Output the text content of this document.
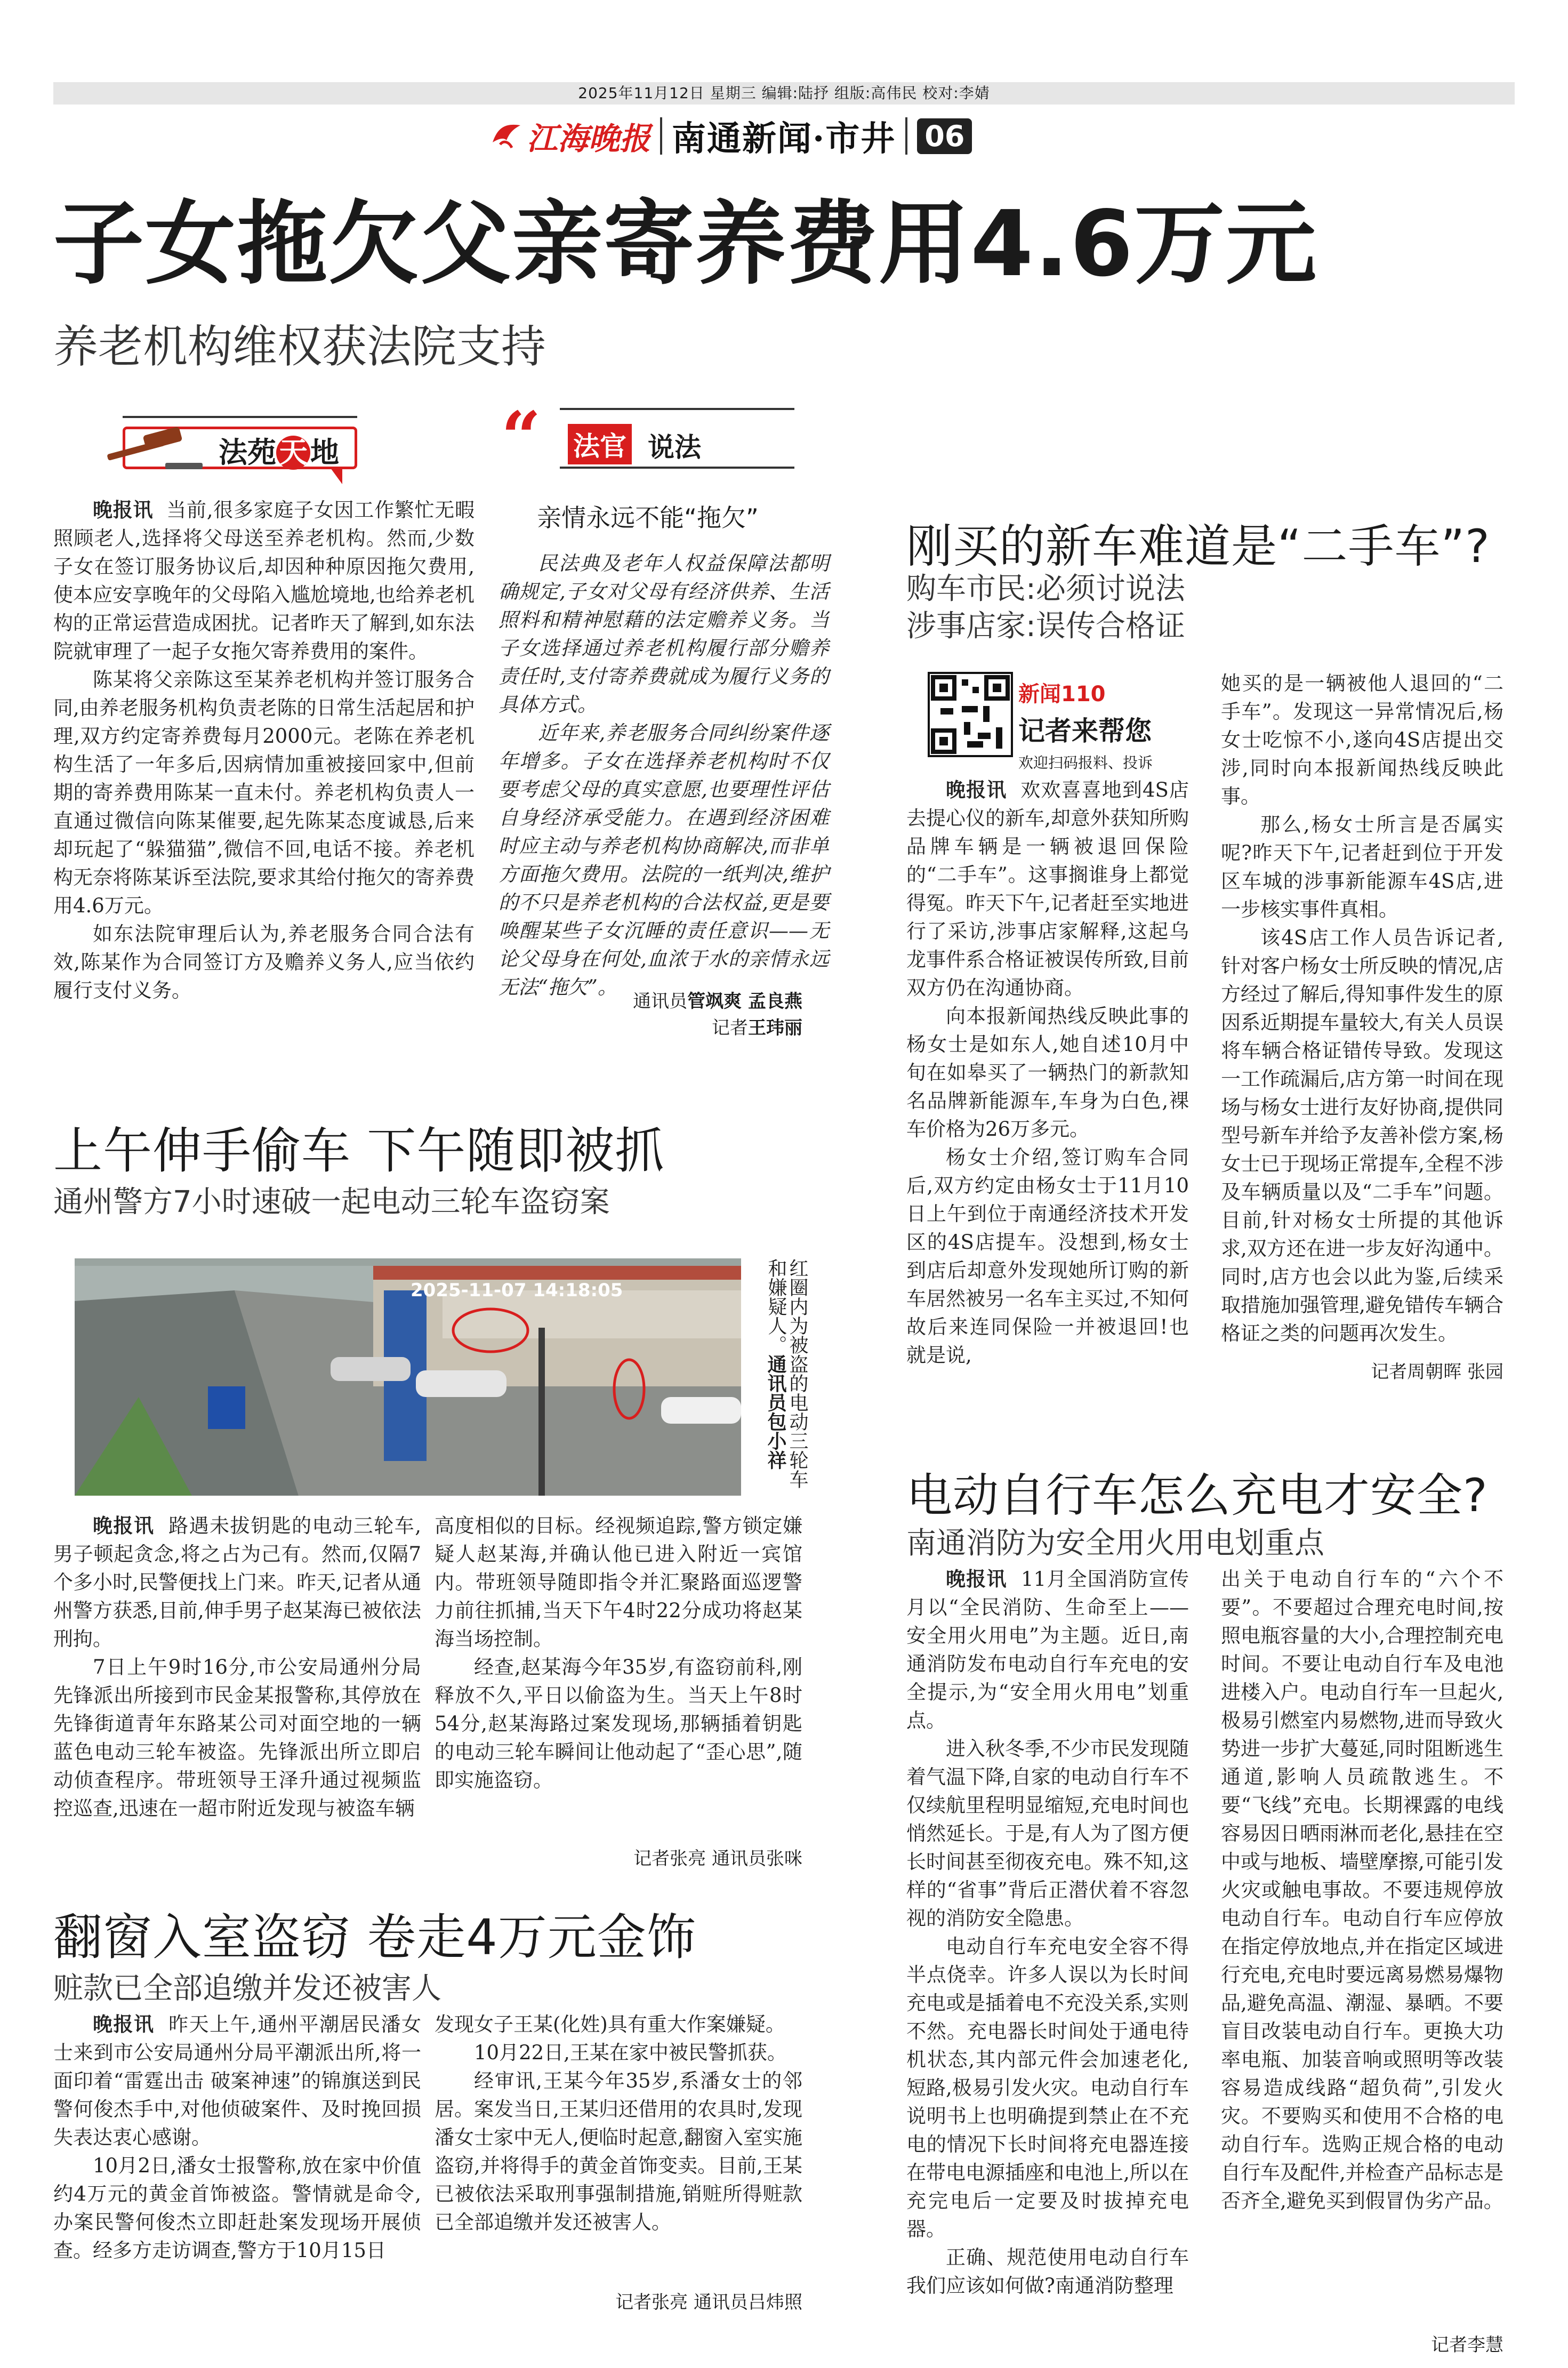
2025年11月12日 星期三 编辑:陆抒 组版:高伟民 校对:李婧
江海晚报 南通新闻·市井 06
子女拖欠父亲寄养费用4.6万元
养老机构维权获法院支持
法苑天地

晚报讯 当前,很多家庭子女因工作繁忙无暇照顾老人,选择将父母送至养老机构。然而,少数子女在签订服务协议后,却因种种原因拖欠费用,使本应安享晚年的父母陷入尴尬境地,也给养老机构的正常运营造成困扰。记者昨天了解到,如东法院就审理了一起子女拖欠寄养费用的案件。

陈某将父亲陈这至某养老机构并签订服务合同,由养老服务机构负责老陈的日常生活起居和护理,双方约定寄养费每月2000元。老陈在养老机构生活了一年多后,因病情加重被接回家中,但前期的寄养费用陈某一直未付。养老机构负责人一直通过微信向陈某催要,起先陈某态度诚恳,后来却玩起了“躲猫猫”,微信不回,电话不接。养老机构无奈将陈某诉至法院,要求其给付拖欠的寄养费用4.6万元。

如东法院审理后认为,养老服务合同合法有效,陈某作为合同签订方及赡养义务人,应当依约履行支付义务。

“ 法官 说法
亲情永远不能“拖欠”

民法典及老年人权益保障法都明确规定,子女对父母有经济供养、生活照料和精神慰藉的法定赡养义务。当子女选择通过养老机构履行部分赡养责任时,支付寄养费就成为履行义务的具体方式。

近年来,养老服务合同纠纷案件逐年增多。子女在选择养老机构时不仅要考虑父母的真实意愿,也要理性评估自身经济承受能力。在遇到经济困难时应主动与养老机构协商解决,而非单方面拖欠费用。法院的一纸判决,维护的不只是养老机构的合法权益,更是要唤醒某些子女沉睡的责任意识——无论父母身在何处,血浓于水的亲情永远无法“拖欠”。

通讯员管飒爽 孟良燕
记者王玮丽
上午伸手偷车 下午随即被抓
通州警方7小时速破一起电动三轮车盗窃案
2025-11-07 14:18:05	红圈内为被盗的电动三轮车和嫌疑人。通讯员包小祥

晚报讯 路遇未拔钥匙的电动三轮车,男子顿起贪念,将之占为己有。然而,仅隔7个多小时,民警便找上门来。昨天,记者从通州警方获悉,目前,伸手男子赵某海已被依法刑拘。

7日上午9时16分,市公安局通州分局先锋派出所接到市民金某报警称,其停放在先锋街道青年东路某公司对面空地的一辆蓝色电动三轮车被盗。先锋派出所立即启动侦查程序。带班领导王泽升通过视频监控巡查,迅速在一超市附近发现与被盗车辆

高度相似的目标。经视频追踪,警方锁定嫌疑人赵某海,并确认他已进入附近一宾馆内。带班领导随即指令并汇聚路面巡逻警力前往抓捕,当天下午4时22分成功将赵某海当场控制。

经查,赵某海今年35岁,有盗窃前科,刚释放不久,平日以偷盗为生。当天上午8时54分,赵某海路过案发现场,那辆插着钥匙的电动三轮车瞬间让他动起了“歪心思”,随即实施盗窃。

记者张亮 通讯员张咪
翻窗入室盗窃 卷走4万元金饰
赃款已全部追缴并发还被害人

晚报讯 昨天上午,通州平潮居民潘女士来到市公安局通州分局平潮派出所,将一面印着“雷霆出击 破案神速”的锦旗送到民警何俊杰手中,对他侦破案件、及时挽回损失表达衷心感谢。

10月2日,潘女士报警称,放在家中价值约4万元的黄金首饰被盗。警情就是命令,办案民警何俊杰立即赶赴案发现场开展侦查。经多方走访调查,警方于10月15日

发现女子王某(化姓)具有重大作案嫌疑。

10月22日,王某在家中被民警抓获。

经审讯,王某今年35岁,系潘女士的邻居。案发当日,王某归还借用的农具时,发现潘女士家中无人,便临时起意,翻窗入室实施盗窃,并将得手的黄金首饰变卖。目前,王某已被依法采取刑事强制措施,销赃所得赃款已全部追缴并发还被害人。

记者张亮 通讯员吕炜照
刚买的新车难道是“二手车”?
购车市民:必须讨说法
涉事店家:误传合格证
新闻110
记者来帮您
欢迎扫码报料、投诉

晚报讯 欢欢喜喜地到4S店去提心仪的新车,却意外获知所购品牌车辆是一辆被退回保险的“二手车”。这事搁谁身上都觉得冤。昨天下午,记者赶至实地进行了采访,涉事店家解释,这起乌龙事件系合格证被误传所致,目前双方仍在沟通协商。

向本报新闻热线反映此事的杨女士是如东人,她自述10月中旬在如皋买了一辆热门的新款知名品牌新能源车,车身为白色,裸车价格为26万多元。

杨女士介绍,签订购车合同后,双方约定由杨女士于11月10日上午到位于南通经济技术开发区的4S店提车。没想到,杨女士到店后却意外发现她所订购的新车居然被另一名车主买过,不知何故后来连同保险一并被退回!也就是说,

她买的是一辆被他人退回的“二手车”。发现这一异常情况后,杨女士吃惊不小,遂向4S店提出交涉,同时向本报新闻热线反映此事。

那么,杨女士所言是否属实呢?昨天下午,记者赶到位于开发区车城的涉事新能源车4S店,进一步核实事件真相。

该4S店工作人员告诉记者,针对客户杨女士所反映的情况,店方经过了解后,得知事件发生的原因系近期提车量较大,有关人员误将车辆合格证错传导致。发现这一工作疏漏后,店方第一时间在现场与杨女士进行友好协商,提供同型号新车并给予友善补偿方案,杨女士已于现场正常提车,全程不涉及车辆质量以及“二手车”问题。目前,针对杨女士所提的其他诉求,双方还在进一步友好沟通中。同时,店方也会以此为鉴,后续采取措施加强管理,避免错传车辆合格证之类的问题再次发生。

记者周朝晖 张园
电动自行车怎么充电才安全?
南通消防为安全用火用电划重点

晚报讯 11月全国消防宣传月以“全民消防、生命至上——安全用火用电”为主题。近日,南通消防发布电动自行车充电的安全提示,为“安全用火用电”划重点。

进入秋冬季,不少市民发现随着气温下降,自家的电动自行车不仅续航里程明显缩短,充电时间也悄然延长。于是,有人为了图方便长时间甚至彻夜充电。殊不知,这样的“省事”背后正潜伏着不容忽视的消防安全隐患。

电动自行车充电安全容不得半点侥幸。许多人误以为长时间充电或是插着电不充没关系,实则不然。充电器长时间处于通电待机状态,其内部元件会加速老化,短路,极易引发火灾。电动自行车说明书上也明确提到禁止在不充电的情况下长时间将充电器连接在带电电源插座和电池上,所以在充完电后一定要及时拔掉充电器。

正确、规范使用电动自行车我们应该如何做?南通消防整理

出关于电动自行车的“六个不要”。不要超过合理充电时间,按照电瓶容量的大小,合理控制充电时间。不要让电动自行车及电池进楼入户。电动自行车一旦起火,极易引燃室内易燃物,进而导致火势进一步扩大蔓延,同时阻断逃生通道,影响人员疏散逃生。不要“飞线”充电。长期裸露的电线容易因日晒雨淋而老化,悬挂在空中或与地板、墙壁摩擦,可能引发火灾或触电事故。不要违规停放电动自行车。电动自行车应停放在指定停放地点,并在指定区域进行充电,充电时要远离易燃易爆物品,避免高温、潮湿、暴晒。不要盲目改装电动自行车。更换大功率电瓶、加装音响或照明等改装容易造成线路“超负荷”,引发火灾。不要购买和使用不合格的电动自行车。选购正规合格的电动自行车及配件,并检查产品标志是否齐全,避免买到假冒伪劣产品。

记者李慧
